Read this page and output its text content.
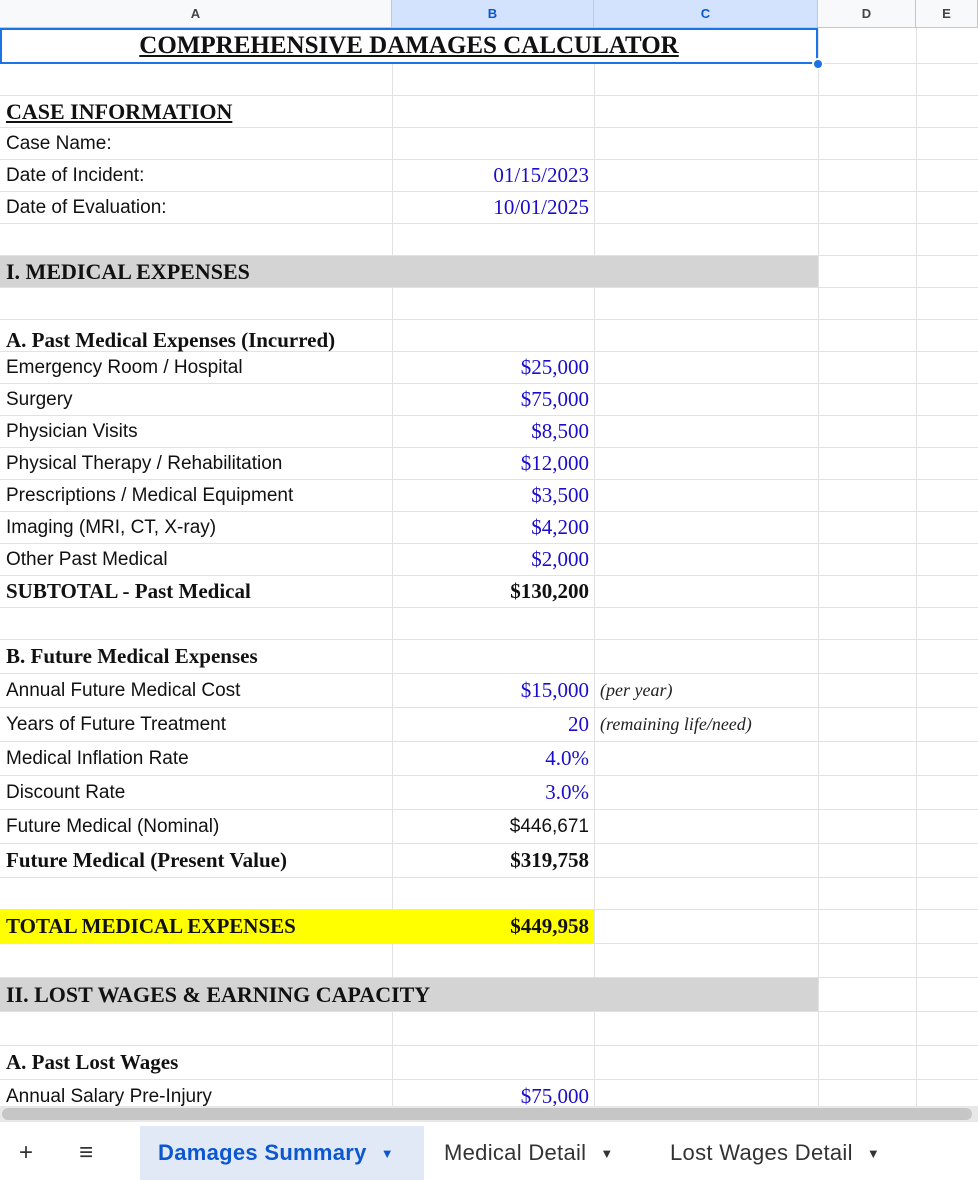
A	B	C	D	E
COMPREHENSIVE DAMAGES CALCULATOR
CASE INFORMATION
Case Name:
Date of Incident:	01/15/2023
Date of Evaluation:	10/01/2025
I. MEDICAL EXPENSES
A. Past Medical Expenses (Incurred)
Emergency Room / Hospital	$25,000
Surgery	$75,000
Physician Visits	$8,500
Physical Therapy / Rehabilitation	$12,000
Prescriptions / Medical Equipment	$3,500
Imaging (MRI, CT, X-ray)	$4,200
Other Past Medical	$2,000
SUBTOTAL - Past Medical	$130,200
B. Future Medical Expenses
Annual Future Medical Cost	$15,000 (per year)
Years of Future Treatment	20 (remaining life/need)
Medical Inflation Rate	4.0%
Discount Rate	3.0%
Future Medical (Nominal)	$446,671
Future Medical (Present Value)	$319,758
TOTAL MEDICAL EXPENSES	$449,958
II. LOST WAGES & EARNING CAPACITY
A. Past Lost Wages
Annual Salary Pre-Injury	$75,000
+	≡	Damages Summary ▼ Medical Detail ▼	Lost Wages Detail ▼
